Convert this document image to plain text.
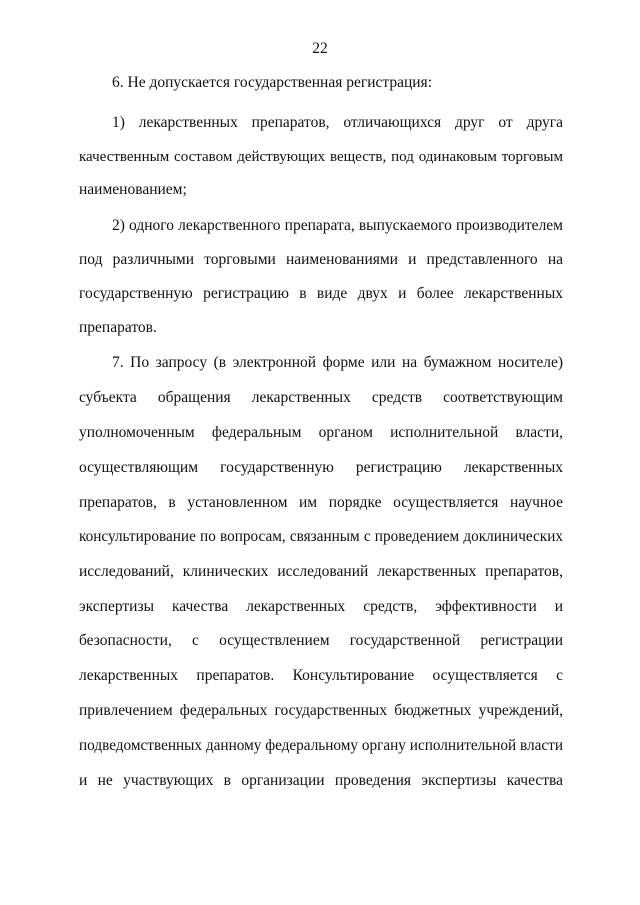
22
6. Не допускается государственная регистрация:
1) лекарственных препаратов, отличающихся друг от друга
качественным составом действующих веществ, под одинаковым торговым
наименованием;
2) одного лекарственного препарата, выпускаемого производителем
под различными торговыми наименованиями и представленного на
государственную регистрацию в виде двух и более лекарственных
препаратов.
7. По запросу (в электронной форме или на бумажном носителе)
субъекта обращения лекарственных средств соответствующим
уполномоченным федеральным органом исполнительной власти,
осуществляющим государственную регистрацию лекарственных
препаратов, в установленном им порядке осуществляется научное
консультирование по вопросам, связанным с проведением доклинических
исследований, клинических исследований лекарственных препаратов,
экспертизы качества лекарственных средств, эффективности и
безопасности, с осуществлением государственной регистрации
лекарственных препаратов. Консультирование осуществляется с
привлечением федеральных государственных бюджетных учреждений,
подведомственных данному федеральному органу исполнительной власти
и не участвующих в организации проведения экспертизы качества
